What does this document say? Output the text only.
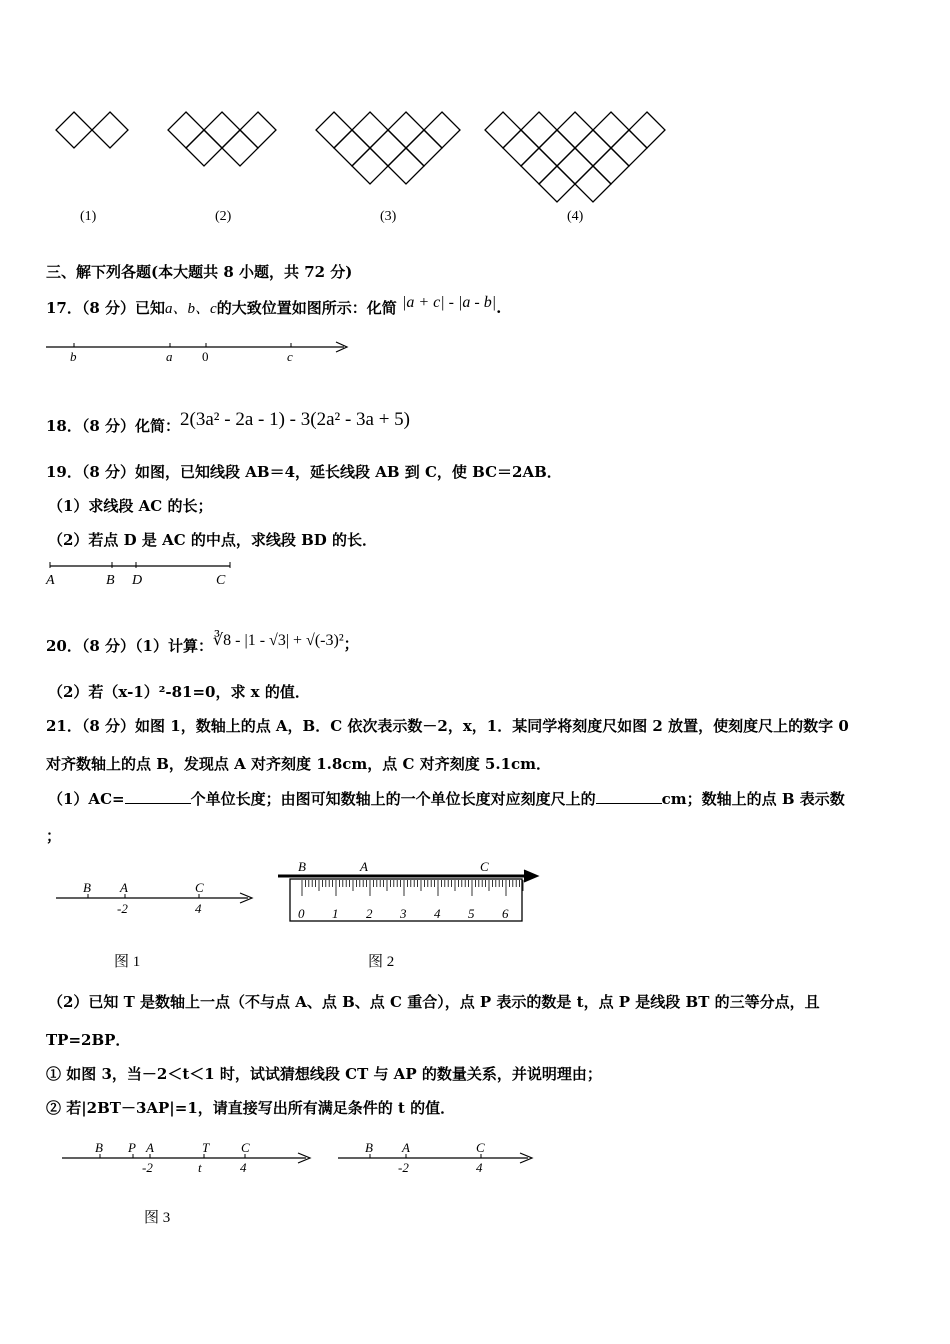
(1)	(2)	(3)	(4)
三、解下列各题(本大题共 8 小题，共 72 分)
17．（8 分）已知a、b、c的大致位置如图所示：化简 |a + c| - |a - b|.
b	a 0	c
18．（8 分）化简：2(3a² - 2a - 1) - 3(2a² - 3a + 5)
19．（8 分）如图，已知线段 AB＝4，延长线段 AB 到 C，使 BC＝2AB．
（1）求线段 AC 的长；
（2）若点 D 是 AC 的中点，求线段 BD 的长．
A	B D	C
20．（8 分）（1）计算：∛8 - |1 - √3| + √(-3)²；
（2）若（x-1）²-81=0，求 x 的值．
21．（8 分）如图 1，数轴上的点 A，B．C 依次表示数－2，x，1．某同学将刻度尺如图 2 放置，使刻度尺上的数字 0
对齐数轴上的点 B，发现点 A 对齐刻度 1.8cm，点 C 对齐刻度 5.1cm．
（1）AC=	个单位长度；由图可知数轴上的一个单位长度对应刻度尺上的	cm；数轴上的点 B 表示数
；
B A	C
-2	4
图 1
B	A	C
0 1 2 3 4 5 6
图 2
（2）已知 T 是数轴上一点（不与点 A、点 B、点 C 重合），点 P 表示的数是 t，点 P 是线段 BT 的三等分点，且
TP=2BP．
① 如图 3，当－2＜t＜1 时，试试猜想线段 CT 与 AP 的数量关系，并说明理由；
② 若|2BT－3AP|=1，请直接写出所有满足条件的 t 的值．
B P A	T C
-2	t	4
B A	C
-2	4
图 3
